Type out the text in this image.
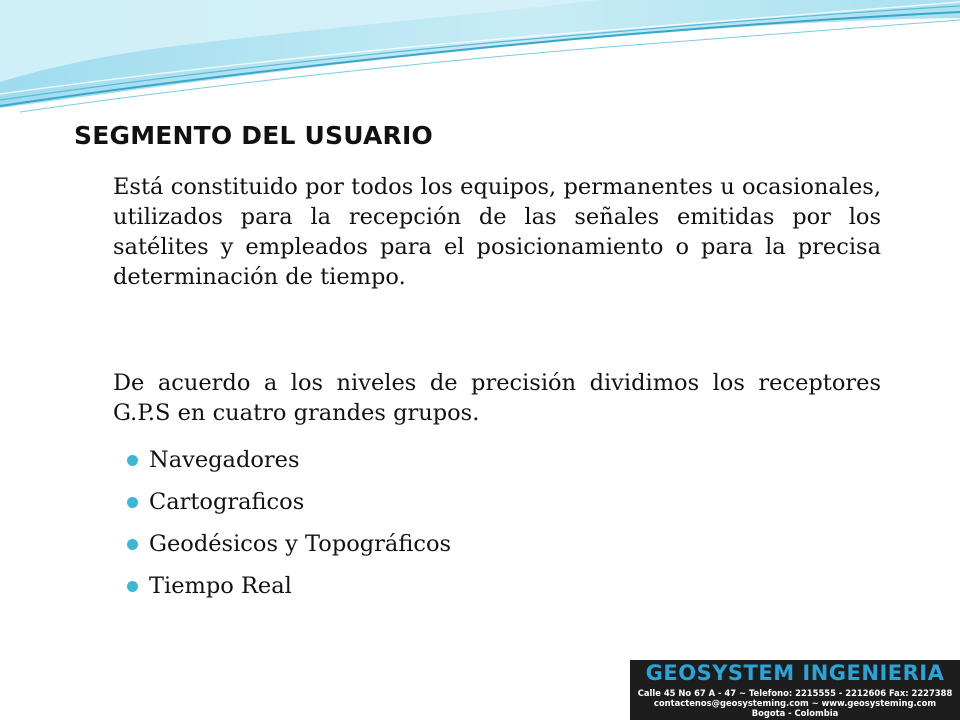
SEGMENTO DEL USUARIO

Está constituido por todos los equipos, permanentes u ocasionales, utilizados para la recepción de las señales emitidas por los satélites y empleados para el posicionamiento o para la precisa determinación de tiempo.

De acuerdo a los niveles de precisión dividimos los receptores G.P.S en cuatro grandes grupos.

Navegadores
Cartograficos
Geodésicos y Topográficos
Tiempo Real
GEOSYSTEM INGENIERIA
Calle 45 No 67 A - 47 ~ Telefono: 2215555 - 2212606 Fax: 2227388
contactenos@geosysteming.com ~ www.geosysteming.com
Bogota - Colombia
